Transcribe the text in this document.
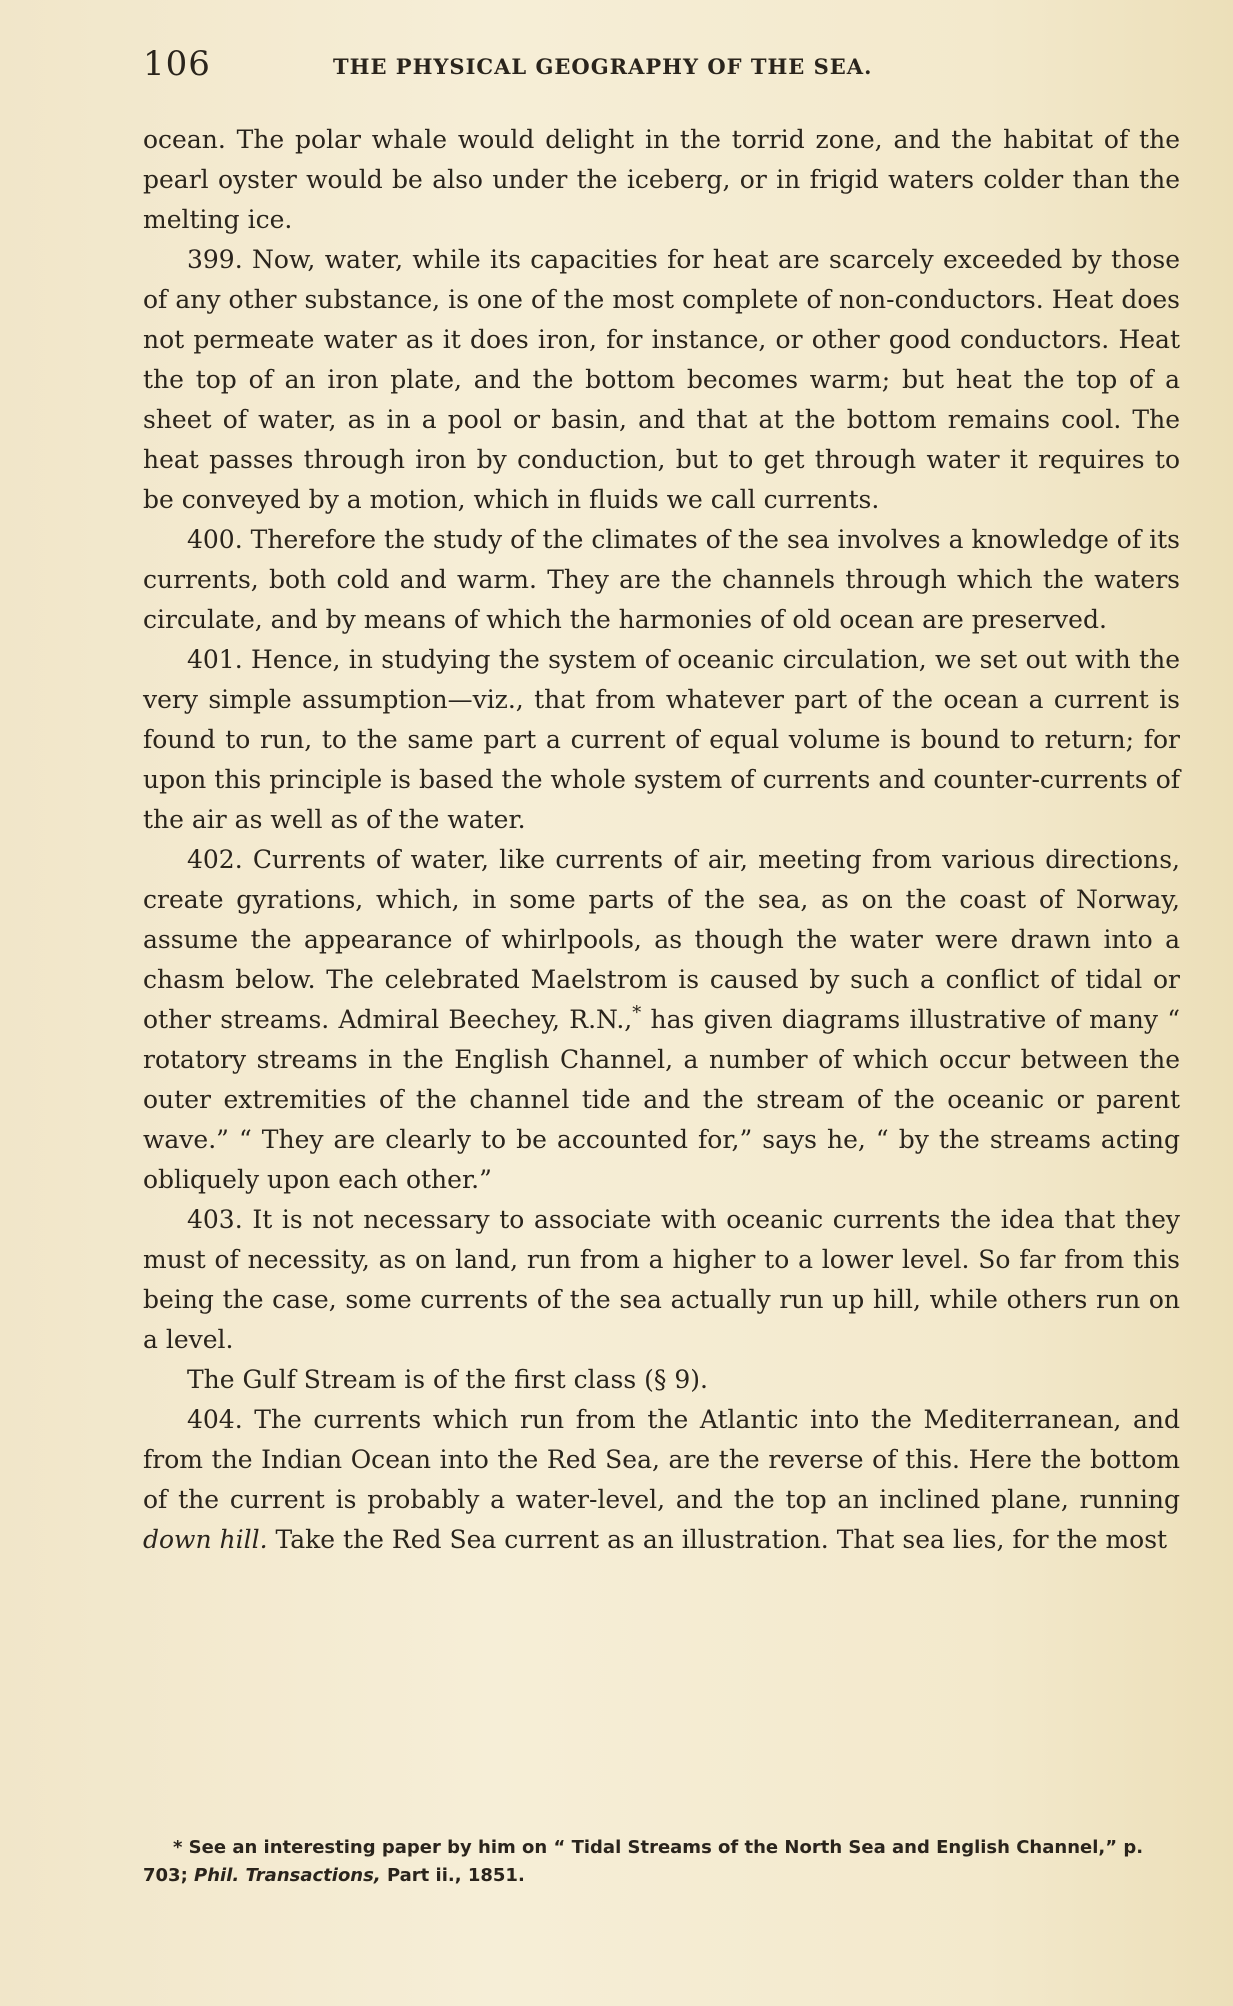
106	THE PHYSICAL GEOGRAPHY OF THE SEA.

ocean. The polar whale would delight in the torrid zone, and the habitat of the pearl oyster would be also under the iceberg, or in frigid waters colder than the melting ice.

399. Now, water, while its capacities for heat are scarcely exceeded by those of any other substance, is one of the most complete of non-conductors. Heat does not permeate water as it does iron, for instance, or other good conductors. Heat the top of an iron plate, and the bottom becomes warm; but heat the top of a sheet of water, as in a pool or basin, and that at the bottom remains cool. The heat passes through iron by conduction, but to get through water it requires to be conveyed by a motion, which in fluids we call currents.

400. Therefore the study of the climates of the sea involves a knowledge of its currents, both cold and warm. They are the channels through which the waters circulate, and by means of which the harmonies of old ocean are preserved.

401. Hence, in studying the system of oceanic circulation, we set out with the very simple assumption—viz., that from whatever part of the ocean a current is found to run, to the same part a current of equal volume is bound to return; for upon this principle is based the whole system of currents and counter-currents of the air as well as of the water.

402. Currents of water, like currents of air, meeting from various directions, create gyrations, which, in some parts of the sea, as on the coast of Norway, assume the appearance of whirlpools, as though the water were drawn into a chasm below. The celebrated Maelstrom is caused by such a conflict of tidal or other streams. Admiral Beechey, R.N.,* has given diagrams illustrative of many “ rotatory streams in the English Channel, a number of which occur between the outer extremities of the channel tide and the stream of the oceanic or parent wave.” “ They are clearly to be accounted for,” says he, “ by the streams acting obliquely upon each other.”

403. It is not necessary to associate with oceanic currents the idea that they must of necessity, as on land, run from a higher to a lower level. So far from this being the case, some currents of the sea actually run up hill, while others run on a level.

The Gulf Stream is of the first class (§ 9).

404. The currents which run from the Atlantic into the Mediterranean, and from the Indian Ocean into the Red Sea, are the reverse of this. Here the bottom of the current is probably a water-level, and the top an inclined plane, running down hill. Take the Red Sea current as an illustration. That sea lies, for the most

* See an interesting paper by him on “ Tidal Streams of the North Sea and English Channel,” p. 703; Phil. Transactions, Part ii., 1851.
